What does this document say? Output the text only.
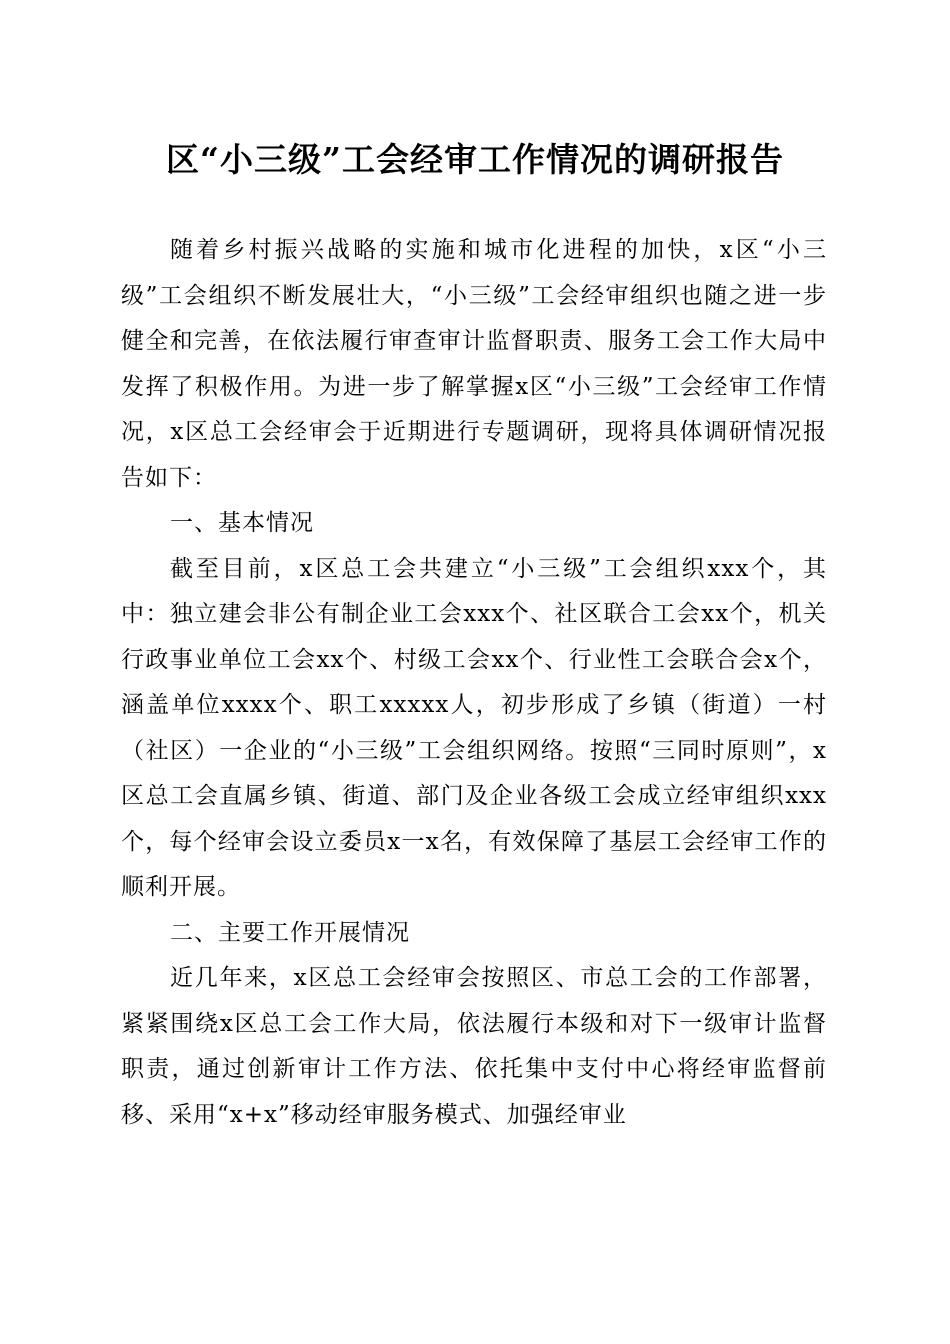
区“小三级”工会经审工作情况的调研报告

随着乡村振兴战略的实施和城市化进程的加快，x区“小三级”工会组织不断发展壮大，“小三级”工会经审组织也随之进一步健全和完善，在依法履行审查审计监督职责、服务工会工作大局中发挥了积极作用。为进一步了解掌握x区“小三级”工会经审工作情况，x区总工会经审会于近期进行专题调研，现将具体调研情况报告如下：

一、基本情况

截至目前，x区总工会共建立“小三级”工会组织xxx个，其中：独立建会非公有制企业工会xxx个、社区联合工会xx个，机关行政事业单位工会xx个、村级工会xx个、行业性工会联合会x个，涵盖单位xxxx个、职工xxxxx人，初步形成了乡镇（街道）一村（社区）一企业的“小三级”工会组织网络。按照“三同时原则”，x区总工会直属乡镇、街道、部门及企业各级工会成立经审组织xxx个，每个经审会设立委员x一x名，有效保障了基层工会经审工作的顺利开展。

二、主要工作开展情况

近几年来，x区总工会经审会按照区、市总工会的工作部署，紧紧围绕x区总工会工作大局，依法履行本级和对下一级审计监督职责，通过创新审计工作方法、依托集中支付中心将经审监督前移、采用“x+x”移动经审服务模式、加强经审业
